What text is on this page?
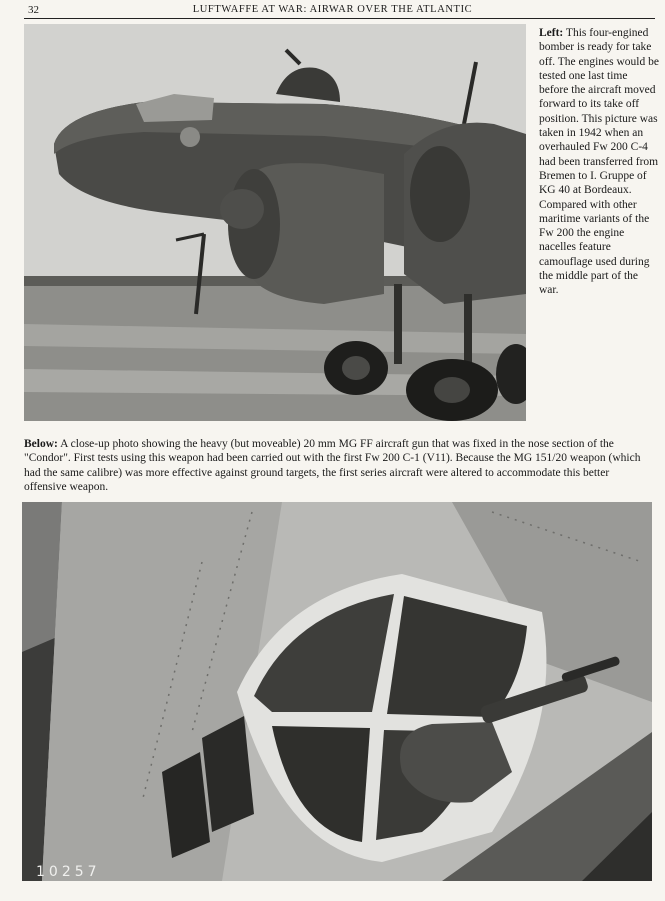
32	LUFTWAFFE AT WAR: AIRWAR OVER THE ATLANTIC
Left: This four-engined bomber is ready for take off. The engines would be tested one last time before the aircraft moved forward to its take off position. This picture was taken in 1942 when an overhauled Fw 200 C-4 had been transferred from Bremen to I. Gruppe of KG 40 at Bordeaux. Compared with other maritime variants of the Fw 200 the engine nacelles feature camouflage used during the middle part of the war.
Below: A close-up photo showing the heavy (but moveable) 20 mm MG FF aircraft gun that was fixed in the nose section of the "Condor". First tests using this weapon had been carried out with the first Fw 200 C-1 (V11). Because the MG 151/20 weapon (which had the same calibre) was more effective against ground targets, the first series aircraft were altered to accommodate this better offensive weapon.
10257
